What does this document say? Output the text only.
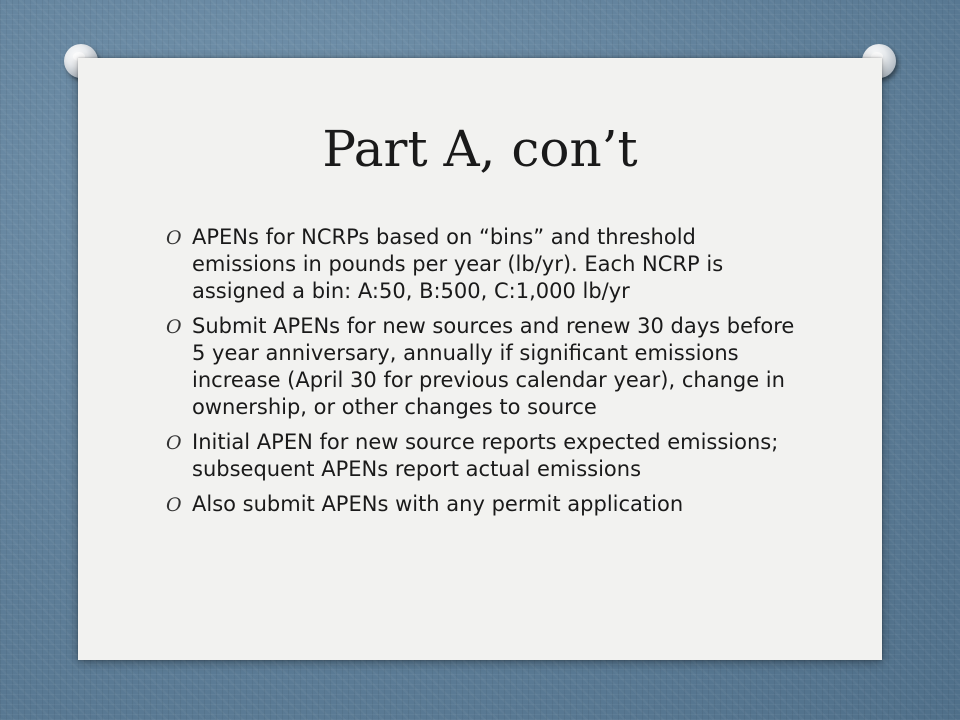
Part A, con’t
O APENs for NCRPs based on “bins” and threshold emissions in pounds per year (lb/yr). Each NCRP is assigned a bin: A:50, B:500, C:1,000 lb/yr
O Submit APENs for new sources and renew 30 days before 5 year anniversary, annually if significant emissions increase (April 30 for previous calendar year), change in ownership, or other changes to source
O Initial APEN for new source reports expected emissions; subsequent APENs report actual emissions
O Also submit APENs with any permit application
